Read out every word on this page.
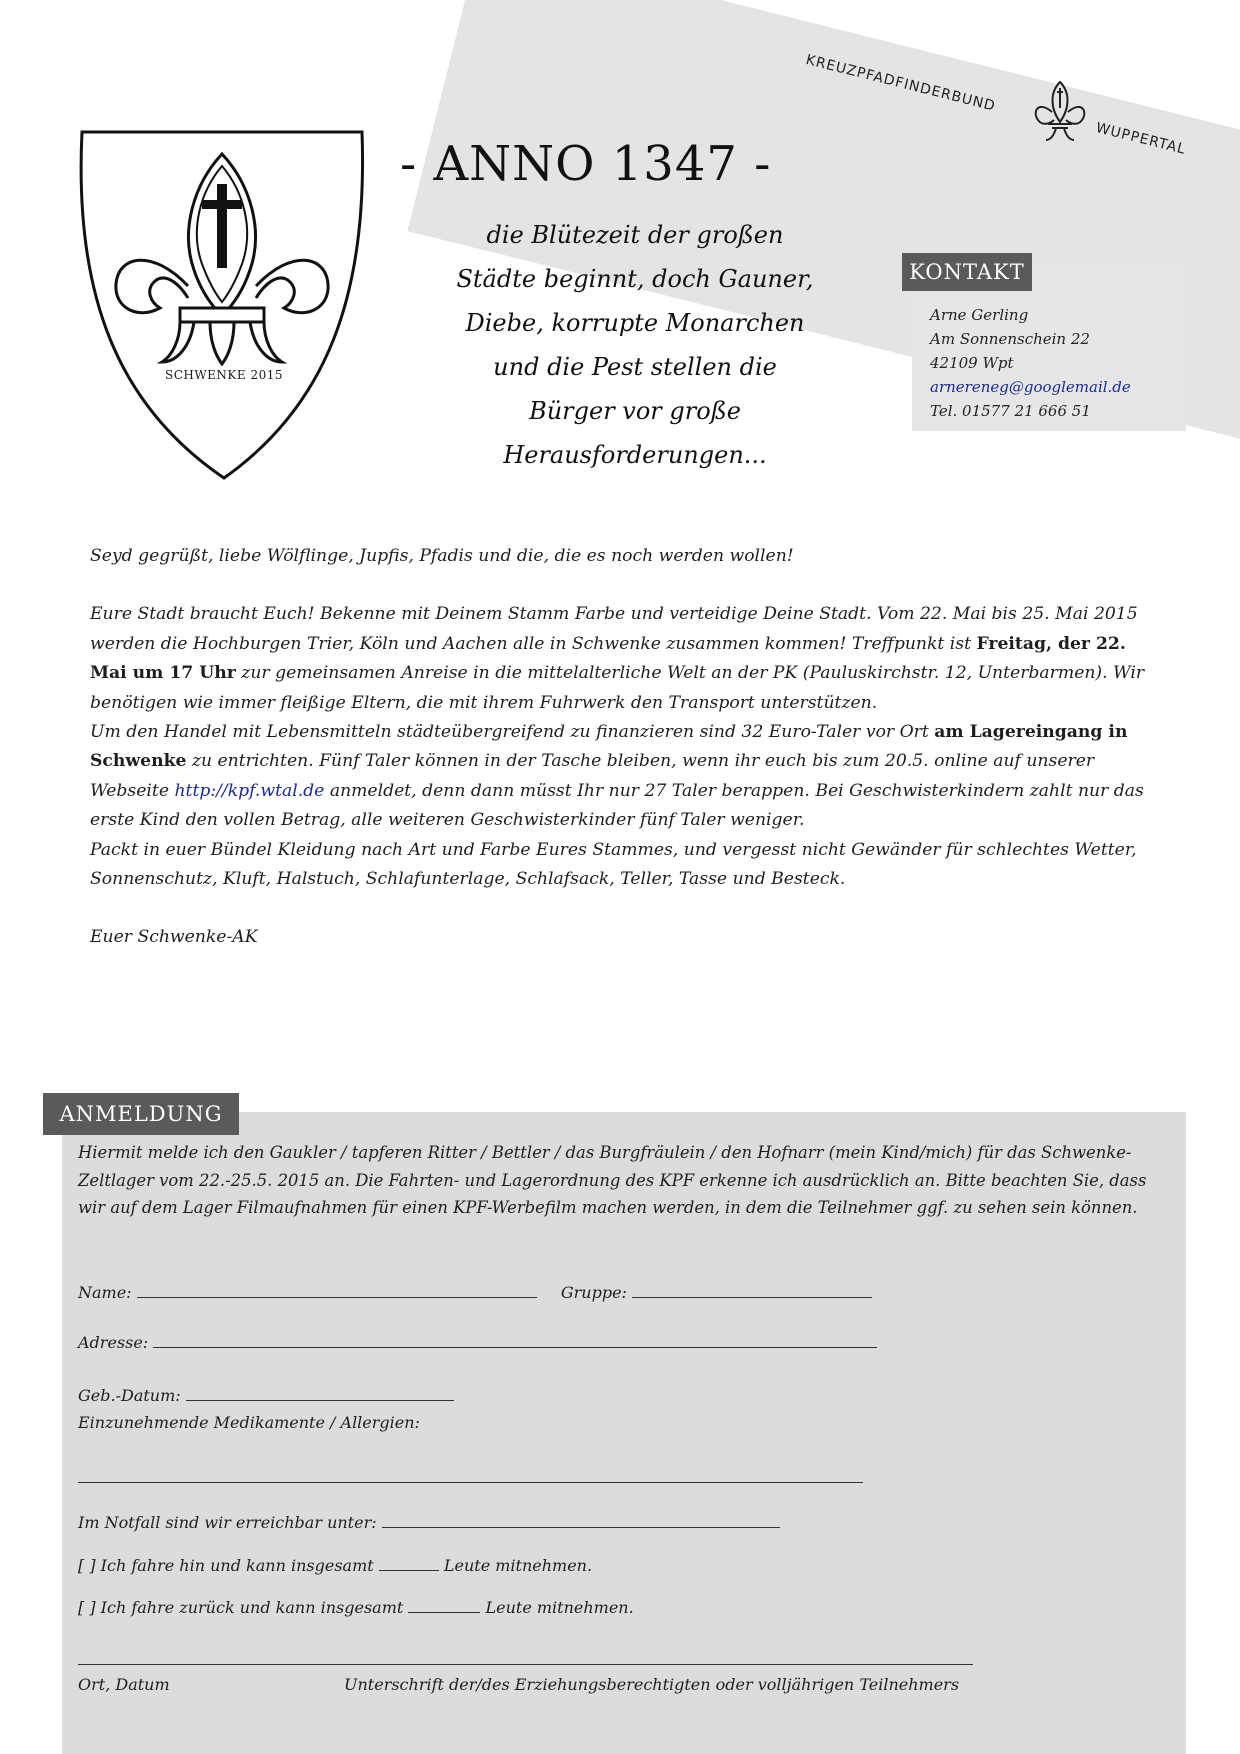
KREUZPFADFINDERBUND
WUPPERTAL
SCHWENKE 2015
- ANNO 1347 -
die Blütezeit der großen
Städte beginnt, doch Gauner,
Diebe, korrupte Monarchen
und die Pest stellen die
Bürger vor große
Herausforderungen...
KONTAKT
Arne Gerling
Am Sonnenschein 22
42109 Wpt
arnereneg@googlemail.de
Tel. 01577 21 666 51

Seyd gegrüßt, liebe Wölflinge, Jupfis, Pfadis und die, die es noch werden wollen!

Eure Stadt braucht Euch! Bekenne mit Deinem Stamm Farbe und verteidige Deine Stadt. Vom 22. Mai bis 25. Mai 2015 werden die Hochburgen Trier, Köln und Aachen alle in Schwenke zusammen kommen! Treffpunkt ist Freitag, der 22. Mai um 17 Uhr zur gemeinsamen Anreise in die mittelalterliche Welt an der PK (Pauluskirchstr. 12, Unterbarmen). Wir benötigen wie immer fleißige Eltern, die mit ihrem Fuhrwerk den Transport unterstützen.

Um den Handel mit Lebensmitteln städteübergreifend zu finanzieren sind 32 Euro-Taler vor Ort am Lagereingang in Schwenke zu entrichten. Fünf Taler können in der Tasche bleiben, wenn ihr euch bis zum 20.5. online auf unserer Webseite http://kpf.wtal.de anmeldet, denn dann müsst Ihr nur 27 Taler berappen. Bei Geschwisterkindern zahlt nur das erste Kind den vollen Betrag, alle weiteren Geschwisterkinder fünf Taler weniger.

Packt in euer Bündel Kleidung nach Art und Farbe Eures Stammes, und vergesst nicht Gewänder für schlechtes Wetter, Sonnenschutz, Kluft, Halstuch, Schlafunterlage, Schlafsack, Teller, Tasse und Besteck.

Euer Schwenke-AK

ANMELDUNG
Hiermit melde ich den Gaukler / tapferen Ritter / Bettler / das Burgfräulein / den Hofnarr (mein Kind/mich) für das Schwenke-Zeltlager vom 22.-25.5. 2015 an. Die Fahrten- und Lagerordnung des KPF erkenne ich ausdrücklich an. Bitte beachten Sie, dass wir auf dem Lager Filmaufnahmen für einen KPF-Werbefilm machen werden, in dem die Teilnehmer ggf. zu sehen sein können.
Name:	Gruppe:
Adresse:
Geb.-Datum:
Einzunehmende Medikamente / Allergien:
Im Notfall sind wir erreichbar unter:
[ ] Ich fahre hin und kann insgesamt	Leute mitnehmen.
[ ] Ich fahre zurück und kann insgesamt	Leute mitnehmen.
Ort, Datum	Unterschrift der/des Erziehungsberechtigten oder volljährigen Teilnehmers
